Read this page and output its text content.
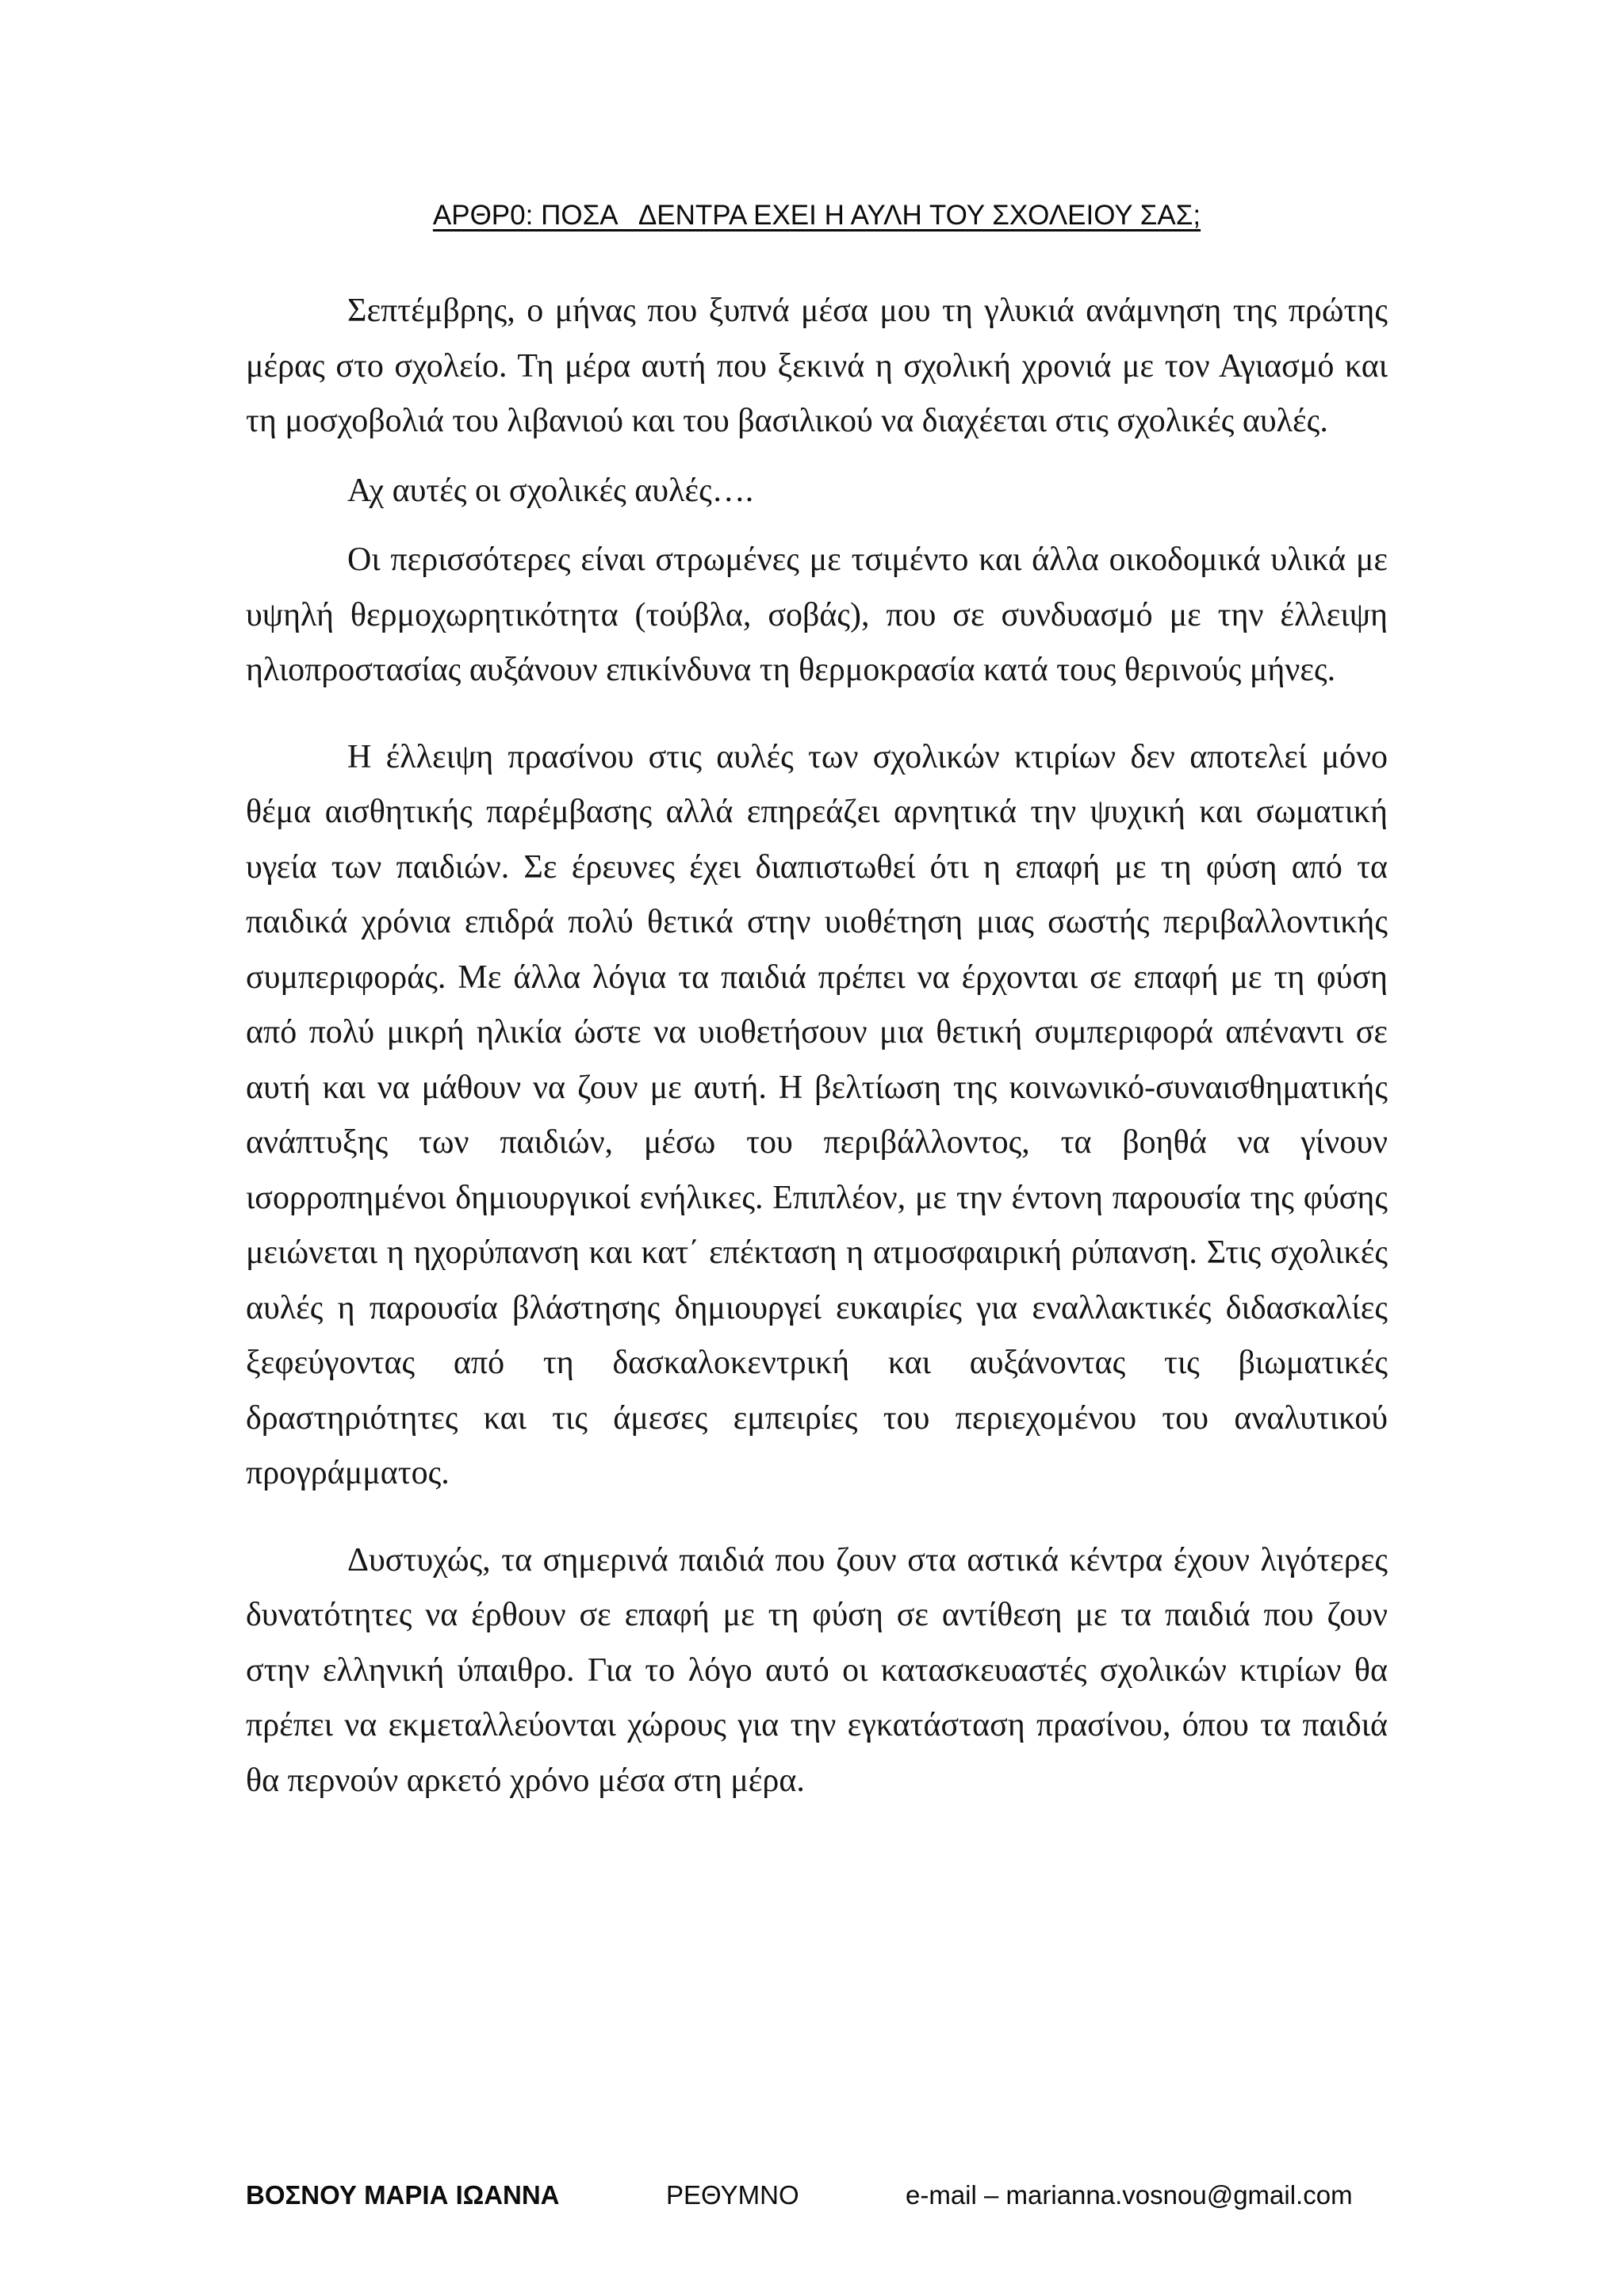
ΑΡΘΡ0: ΠΟΣΑ   ΔΕΝΤΡΑ ΕΧΕΙ Η ΑΥΛΗ ΤΟΥ ΣΧΟΛΕΙΟΥ ΣΑΣ;

Σεπτέμβρης, ο μήνας που ξυπνά μέσα μου τη γλυκιά ανάμνηση της πρώτης μέρας στο σχολείο. Τη μέρα αυτή που ξεκινά η σχολική χρονιά με τον Αγιασμό και τη μοσχοβολιά του λιβανιού και του βασιλικού να διαχέεται στις σχολικές αυλές.

Αχ αυτές οι σχολικές αυλές….

Οι περισσότερες είναι στρωμένες με τσιμέντο και άλλα οικοδομικά υλικά με υψηλή θερμοχωρητικότητα (τούβλα, σοβάς), που σε συνδυασμό με την έλλειψη ηλιοπροστασίας αυξάνουν επικίνδυνα τη θερμοκρασία κατά τους θερινούς μήνες.

Η έλλειψη πρασίνου στις αυλές των σχολικών κτιρίων δεν αποτελεί μόνο θέμα αισθητικής παρέμβασης αλλά επηρεάζει αρνητικά την ψυχική και σωματική υγεία των παιδιών. Σε έρευνες έχει διαπιστωθεί ότι η επαφή με τη φύση από τα παιδικά χρόνια επιδρά πολύ θετικά στην υιοθέτηση μιας σωστής περιβαλλοντικής συμπεριφοράς. Με άλλα λόγια τα παιδιά πρέπει να έρχονται σε επαφή με τη φύση από πολύ μικρή ηλικία ώστε να υιοθετήσουν μια θετική συμπεριφορά απέναντι σε αυτή και να μάθουν να ζουν με αυτή. Η βελτίωση της κοινωνικό-συναισθηματικής ανάπτυξης των παιδιών, μέσω του περιβάλλοντος, τα βοηθά να γίνουν ισορροπημένοι δημιουργικοί ενήλικες. Επιπλέον, με την έντονη παρουσία της φύσης μειώνεται η ηχορύπανση και κατ΄ επέκταση η ατμοσφαιρική ρύπανση. Στις σχολικές αυλές η παρουσία βλάστησης δημιουργεί ευκαιρίες για εναλλακτικές διδασκαλίες ξεφεύγοντας από τη δασκαλοκεντρική και αυξάνοντας τις βιωματικές δραστηριότητες και τις άμεσες εμπειρίες του περιεχομένου του αναλυτικού προγράμματος.

Δυστυχώς, τα σημερινά παιδιά που ζουν στα αστικά κέντρα έχουν λιγότερες δυνατότητες να έρθουν σε επαφή με τη φύση σε αντίθεση με τα παιδιά που ζουν στην ελληνική ύπαιθρο. Για το λόγο αυτό οι κατασκευαστές σχολικών κτιρίων θα πρέπει να εκμεταλλεύονται χώρους για την εγκατάσταση πρασίνου, όπου τα παιδιά θα περνούν αρκετό χρόνο μέσα στη μέρα.

ΒΟΣΝΟΥ ΜΑΡΙΑ ΙΩΑΝΝΑ	ΡΕΘΥΜΝΟ	e-mail – marianna.vosnou@gmail.com
